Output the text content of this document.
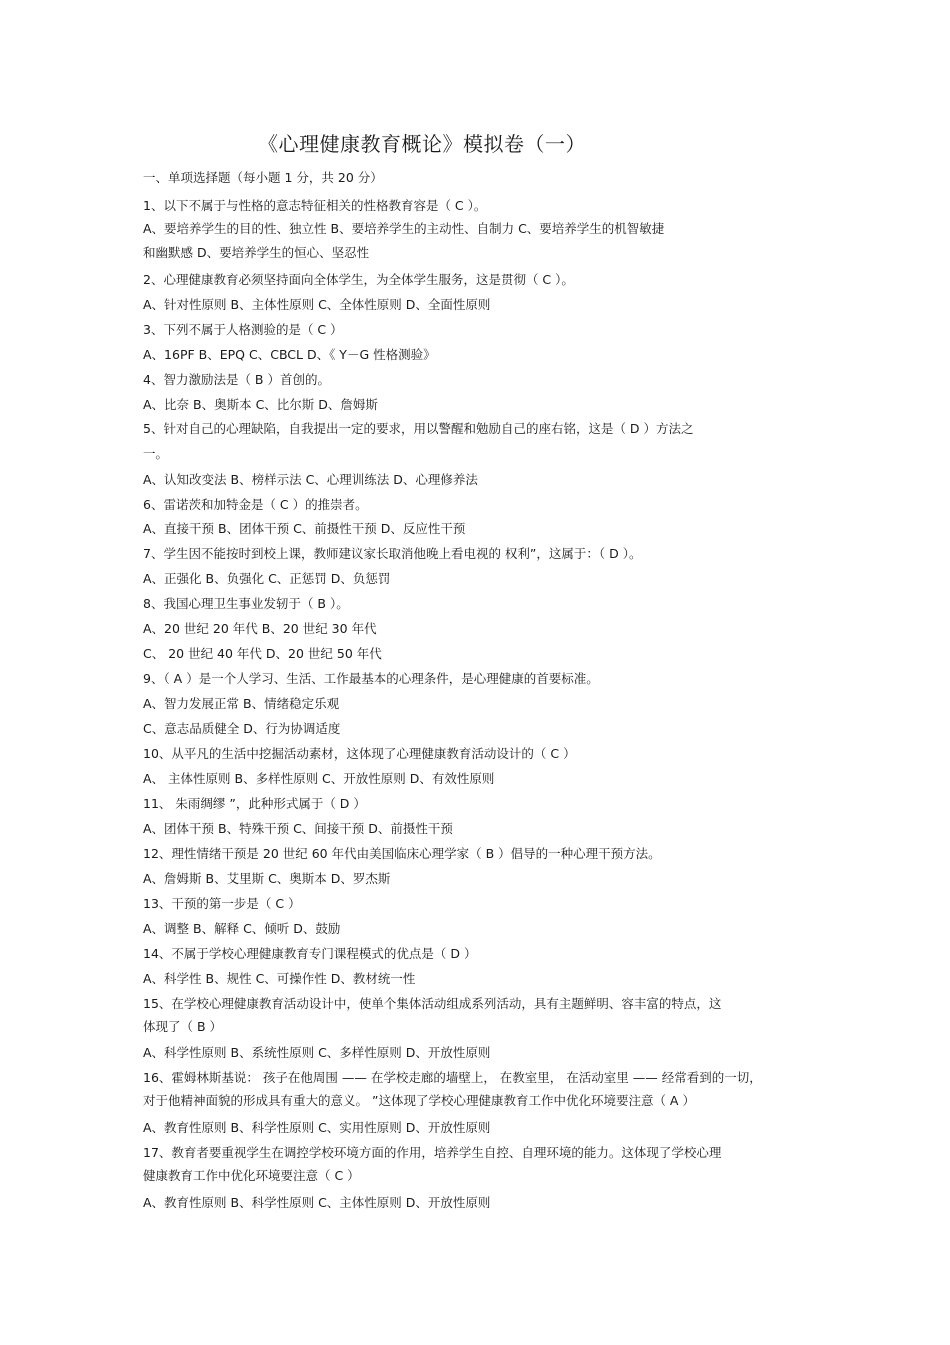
《心理健康教育概论》模拟卷（一）
一、单项选择题（每小题 1 分，共 20 分）
1、以下不属于与性格的意志特征相关的性格教育容是（ C ）。
A、要培养学生的目的性、独立性 B、要培养学生的主动性、自制力 C、要培养学生的机智敏捷
和幽默感 D、要培养学生的恒心、坚忍性
2、心理健康教育必须坚持面向全体学生，为全体学生服务，这是贯彻（ C ）。
A、针对性原则 B、主体性原则 C、全体性原则 D、全面性原则
3、下列不属于人格测验的是（ C ）
A、16PF B、EPQ C、CBCL D、《 Y－G 性格测验》
4、智力激励法是（ B ）首创的。
A、比奈 B、奥斯本 C、比尔斯 D、詹姆斯
5、针对自己的心理缺陷，自我提出一定的要求，用以警醒和勉励自己的座右铭，这是（ D ）方法之
一。
A、认知改变法 B、榜样示法 C、心理训练法 D、心理修养法
6、雷诺茨和加特金是（ C ）的推崇者。
A、直接干预 B、团体干预 C、前摄性干预 D、反应性干预
7、学生因不能按时到校上课，教师建议家长取消他晚上看电视的 权利”，这属于：（ D ）。
A、正强化 B、负强化 C、正惩罚 D、负惩罚
8、我国心理卫生事业发轫于（ B ）。
A、20 世纪 20 年代 B、20 世纪 30 年代
C、 20 世纪 40 年代 D、20 世纪 50 年代
9、（ A ）是一个人学习、生活、工作最基本的心理条件，是心理健康的首要标准。
A、智力发展正常 B、情绪稳定乐观
C、意志品质健全 D、行为协调适度
10、从平凡的生活中挖掘活动素材，这体现了心理健康教育活动设计的（ C ）
A、 主体性原则 B、多样性原则 C、开放性原则 D、有效性原则
11、 朱雨绸缪 ”，此种形式属于（ D ）
A、团体干预 B、特殊干预 C、间接干预 D、前摄性干预
12、理性情绪干预是 20 世纪 60 年代由美国临床心理学家（ B ）倡导的一种心理干预方法。
A、詹姆斯 B、艾里斯 C、奥斯本 D、罗杰斯
13、干预的第一步是（ C ）
A、调整 B、解释 C、倾听 D、鼓励
14、不属于学校心理健康教育专门课程模式的优点是（ D ）
A、科学性 B、规性 C、可操作性 D、教材统一性
15、在学校心理健康教育活动设计中，使单个集体活动组成系列活动，具有主题鲜明、容丰富的特点，这
体现了（ B ）
A、科学性原则 B、系统性原则 C、多样性原则 D、开放性原则
16、霍姆林斯基说： 孩子在他周围 —— 在学校走廊的墙壁上， 在教室里， 在活动室里 —— 经常看到的一切，
对于他精神面貌的形成具有重大的意义。 ”这体现了学校心理健康教育工作中优化环境要注意（ A ）
A、教育性原则 B、科学性原则 C、实用性原则 D、开放性原则
17、教育者要重视学生在调控学校环境方面的作用，培养学生自控、自理环境的能力。这体现了学校心理
健康教育工作中优化环境要注意（ C ）
A、教育性原则 B、科学性原则 C、主体性原则 D、开放性原则
